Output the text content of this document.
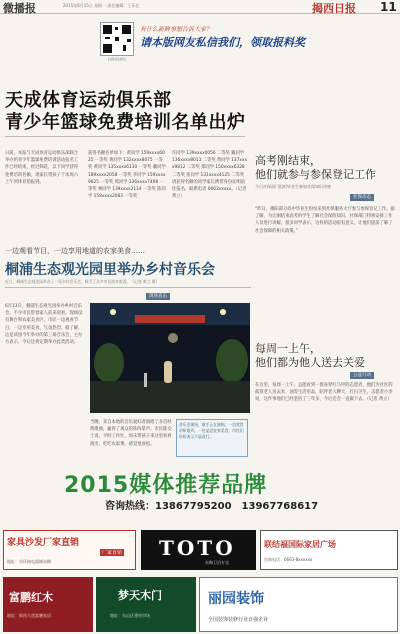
微播报	2015年6月15日 星期一 责任编辑：王乐亿	揭西日报 11
扫码关注我们
有什么新鲜事想告诉大家？
请本版网友私信我们，领取报料奖
天成体育运动俱乐部
青少年篮球免费培训名单出炉
日前，本报与天成体育运动俱乐部联合举办的青少年篮球免费培训活动报名工作已经结束，经过筛选，以下同学获得免费培训名额，请家长带孩子于本周六上午到体育馆报到。
获得名额名单如下：黄同学 159xxxx6025 一等奖 黄同学 132xxxx8075 一等奖 黄同学 135xxxx6130 一等奖 戴同学 189xxxx2058 一等奖 李同学 159xxxx9625 一等奖 周同学 136xxxx7408 一等奖 林同学 139xxxx2114 一等奖 陈同学 158xxxx2083 一等奖
许同学 139xxxx0056 二等奖 戴同学 136xxxx8013 二等奖 黄同学 137xxxx9812 二等奖 郑同学 150xxxx6328 二等奖 张同学 131xxxx4125 二等奖 请获得名额的同学家长携带身份证明前往报名，联系电话 0663xxxxx。（记者 黄立）
高考刚结束，
他们就参与参保登记工作
今日社保部门组织毕业生参加社保知识讲座
社保动态
“昨日，揭阳部分高中毕业生纷纷来到社保服务大厅参与参保登记工作。据了解，为让刚结束高考的学生了解社会保险知识，社保部门特别安排工作人员进行讲解。很多同学表示，这样的活动很有意义，让他们提前了解了社会保障的相关政策。”
每周一上午，
他们都为他人送去关爱
公益行动
在这里，每周一上午，总能看到一群身穿红马甲的志愿者，他们为社区的孤寡老人送去米、油等生活用品，陪伴老人聊天、打扫卫生。志愿者小李说，这件事他们已经坚持了三年多，今后还会一直做下去。（记者 黄立）
一边观看节目，一边享用地道的农家美食……
桐浦生态观光园里举办乡村音乐会
近日，桐浦生态观光园举办了一场乡村音乐会，吸引了众多市民前来观看。（记者 黄立 摄）
现场直击
6月13日，桐浦生态观光园举办乡村音乐会，不少市民带着家人前来观看。现场设有舞台和农家美食区，市民一边观看节目，一边享用美食，气氛热烈。据了解，这是该园今年举办的第三场音乐会，主办方表示，今后还将定期举办此类活动。
当晚，来自本地的音乐爱好者演唱了多首经典歌曲，赢得了观众的阵阵掌声。市民陈女士说，平时工作忙，周末带孩子来这里看看演出，吃吃农家菜，感觉很放松。
音乐会现场，歌手正在演唱。一边欣赏动听歌声，一边品尝农家美食，市民们纷纷表示不虚此行。
2015媒体推荐品牌
咨询热线：13867795200　13967768617
家具沙发厂家直销
厂家直销
地址：东环路电器城东侧
TOTO
东陶卫浴专卖
联结福国际家居广场
咨询电话：0663-8xxxxxx
富鹏红木
地址：揭西大道富鹏家居
梦天木门
地址：东山区建材市场
丽园装饰
全国装饰装修行业百强企业
